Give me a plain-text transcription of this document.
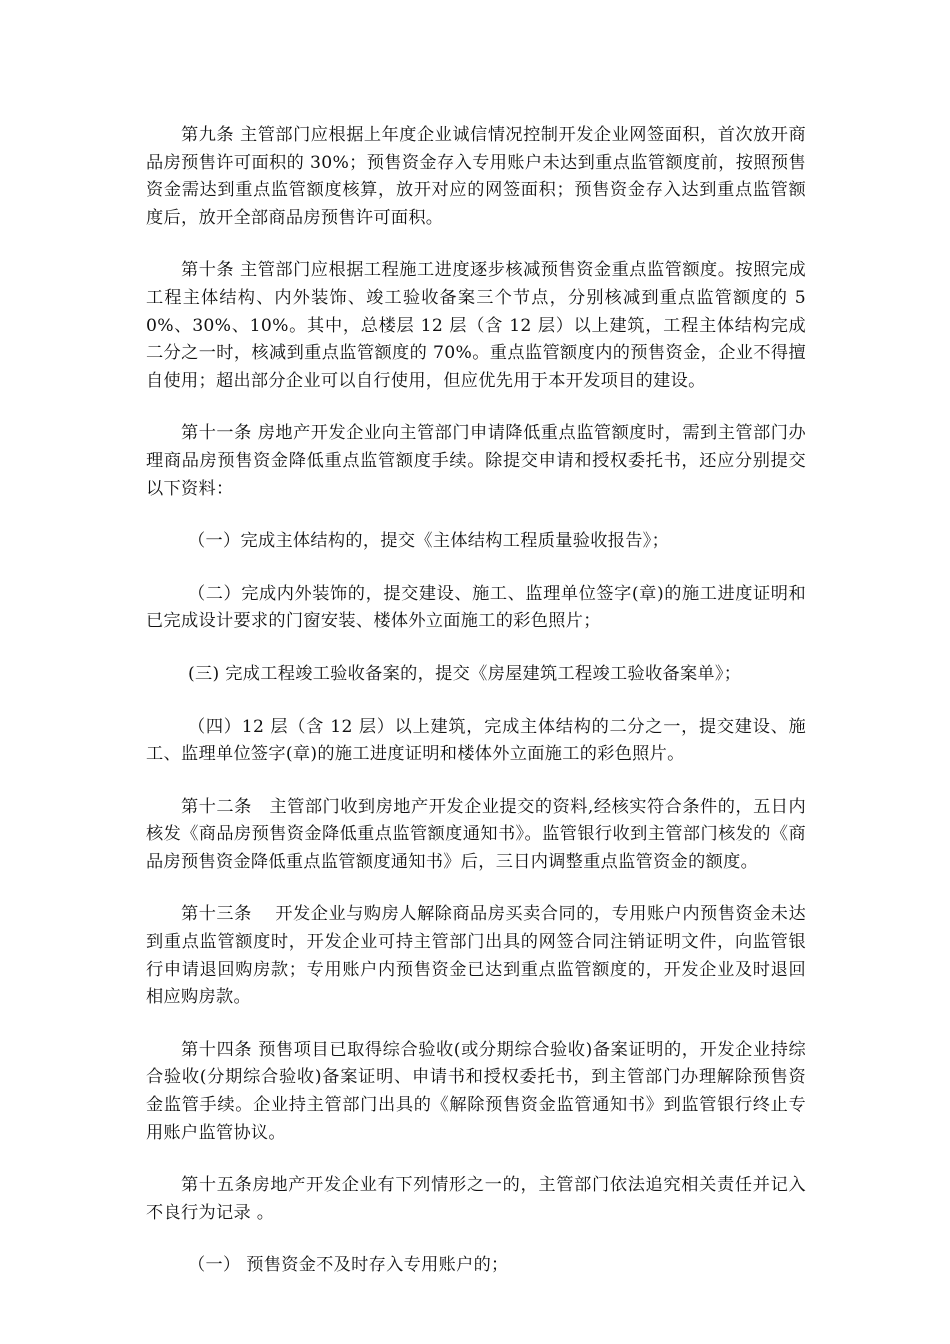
第九条 主管部门应根据上年度企业诚信情况控制开发企业网签面积，首次放开商品房预售许可面积的 30%；预售资金存入专用账户未达到重点监管额度前，按照预售资金需达到重点监管额度核算，放开对应的网签面积；预售资金存入达到重点监管额度后，放开全部商品房预售许可面积。

第十条 主管部门应根据工程施工进度逐步核减预售资金重点监管额度。按照完成工程主体结构、内外装饰、竣工验收备案三个节点，分别核减到重点监管额度的 50%、30%、10%。其中，总楼层 12 层（含 12 层）以上建筑，工程主体结构完成二分之一时，核减到重点监管额度的 70%。重点监管额度内的预售资金，企业不得擅自使用；超出部分企业可以自行使用，但应优先用于本开发项目的建设。

第十一条 房地产开发企业向主管部门申请降低重点监管额度时，需到主管部门办理商品房预售资金降低重点监管额度手续。除提交申请和授权委托书，还应分别提交以下资料：

（一）完成主体结构的，提交《主体结构工程质量验收报告》；

（二）完成内外装饰的，提交建设、施工、监理单位签字(章)的施工进度证明和已完成设计要求的门窗安装、楼体外立面施工的彩色照片；

(三) 完成工程竣工验收备案的，提交《房屋建筑工程竣工验收备案单》；

（四）12 层（含 12 层）以上建筑，完成主体结构的二分之一，提交建设、施工、监理单位签字(章)的施工进度证明和楼体外立面施工的彩色照片。

第十二条　主管部门收到房地产开发企业提交的资料,经核实符合条件的，五日内核发《商品房预售资金降低重点监管额度通知书》。监管银行收到主管部门核发的《商品房预售资金降低重点监管额度通知书》后，三日内调整重点监管资金的额度。

第十三条　 开发企业与购房人解除商品房买卖合同的，专用账户内预售资金未达到重点监管额度时，开发企业可持主管部门出具的网签合同注销证明文件，向监管银行申请退回购房款；专用账户内预售资金已达到重点监管额度的，开发企业及时退回相应购房款。

第十四条 预售项目已取得综合验收(或分期综合验收)备案证明的，开发企业持综合验收(分期综合验收)备案证明、申请书和授权委托书，到主管部门办理解除预售资金监管手续。企业持主管部门出具的《解除预售资金监管通知书》到监管银行终止专用账户监管协议。

第十五条房地产开发企业有下列情形之一的，主管部门依法追究相关责任并记入不良行为记录 。

（一） 预售资金不及时存入专用账户的；
